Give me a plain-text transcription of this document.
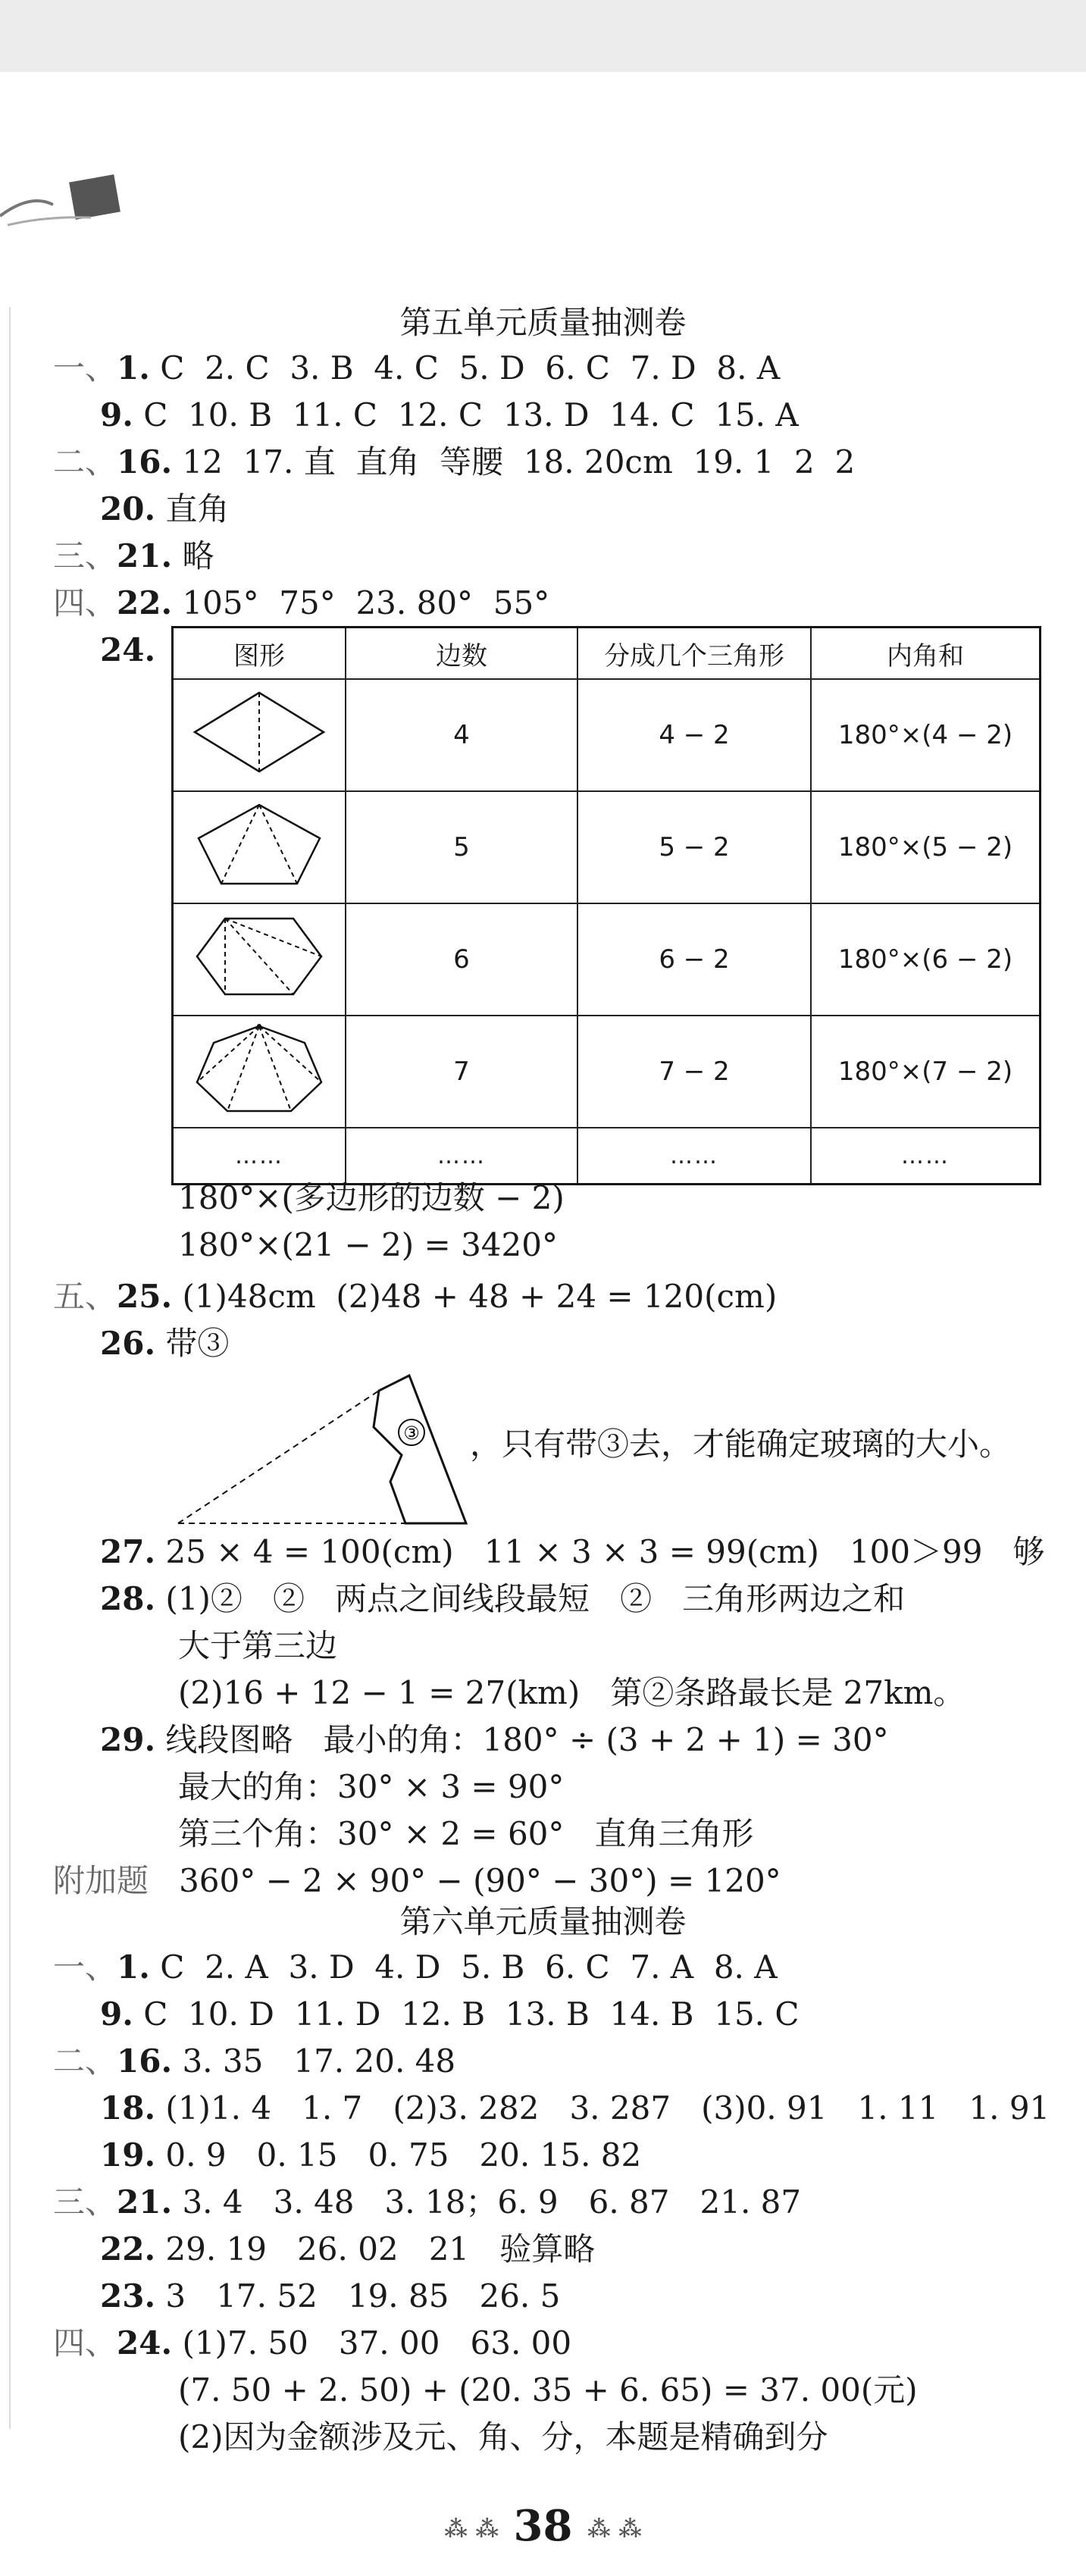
第五单元质量抽测卷
一、1. C  2. C  3. B  4. C  5. D  6. C  7. D  8. A
9. C  10. B  11. C  12. C  13. D  14. C  15. A
二、16. 12  17. 直  直角  等腰  18. 20cm  19. 1  2  2
20. 直角
三、21. 略
四、22. 105°  75°  23. 80°  55°
24.	图形	边数	分成几个三角形	内角和
	4	4 − 2	180°×(4 − 2)
	5	5 − 2	180°×(5 − 2)
	6	6 − 2	180°×(6 − 2)
	7	7 − 2	180°×(7 − 2)
……	……	……	……
180°×(多边形的边数 − 2)
180°×(21 − 2) = 3420°
五、25. (1)48cm  (2)48 + 48 + 24 = 120(cm)
26. 带③
③ ，只有带③去，才能确定玻璃的大小。
27. 25 × 4 = 100(cm)   11 × 3 × 3 = 99(cm)   100＞99   够
28. (1)②   ②   两点之间线段最短   ②   三角形两边之和
大于第三边
(2)16 + 12 − 1 = 27(km)   第②条路最长是 27km。
29. 线段图略   最小的角：180° ÷ (3 + 2 + 1) = 30°
最大的角：30° × 3 = 90°
第三个角：30° × 2 = 60°   直角三角形
附加题   360° − 2 × 90° − (90° − 30°) = 120°
第六单元质量抽测卷
一、1. C  2. A  3. D  4. D  5. B  6. C  7. A  8. A
9. C  10. D  11. D  12. B  13. B  14. B  15. C
二、16. 3. 35   17. 20. 48
18. (1)1. 4   1. 7   (2)3. 282   3. 287   (3)0. 91   1. 11   1. 91
19. 0. 9   0. 15   0. 75   20. 15. 82
三、21. 3. 4   3. 48   3. 18；6. 9   6. 87   21. 87
22. 29. 19   26. 02   21   验算略
23. 3   17. 52   19. 85   26. 5
四、24. (1)7. 50   37. 00   63. 00
(7. 50 + 2. 50) + (20. 35 + 6. 65) = 37. 00(元)
(2)因为金额涉及元、角、分，本题是精确到分
⁂ ⁂ 38 ⁂ ⁂
